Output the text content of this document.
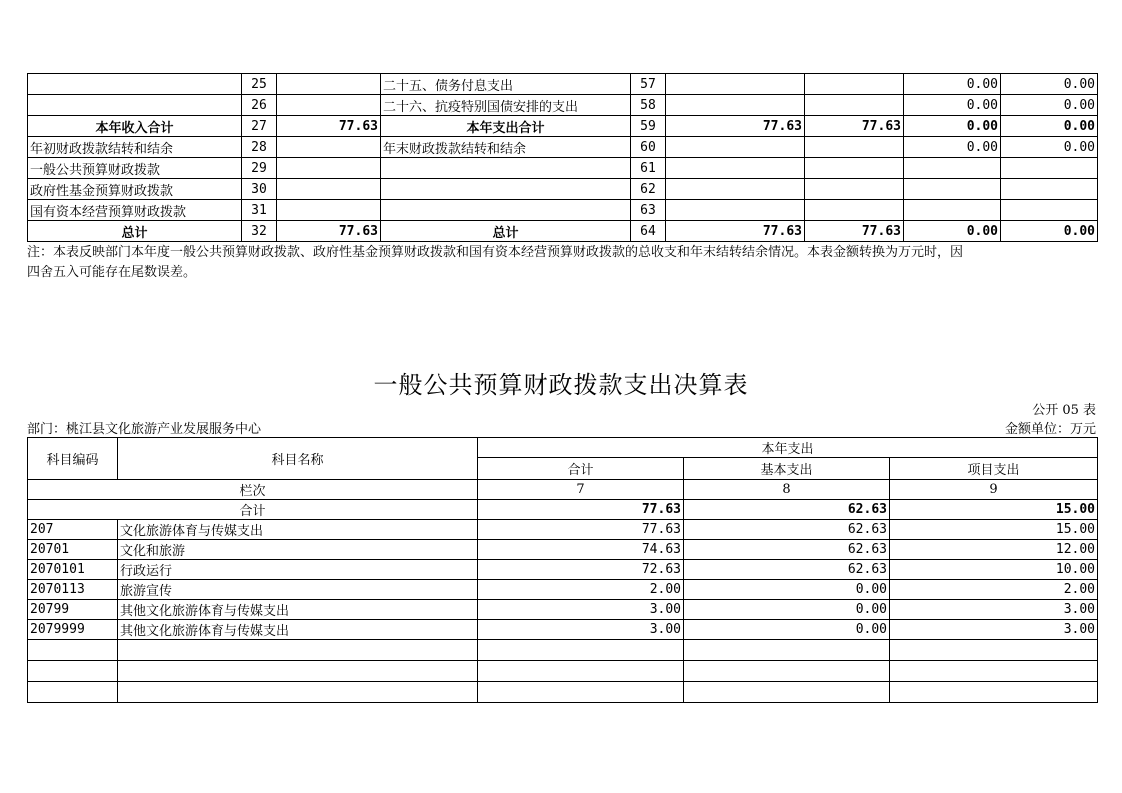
	25		二十五、债务付息支出	57			0.00	0.00
	26		二十六、抗疫特别国债安排的支出	58			0.00	0.00
本年收入合计	27	77.63	本年支出合计	59	77.63	77.63	0.00	0.00
年初财政拨款结转和结余	28		年末财政拨款结转和结余	60			0.00	0.00
一般公共预算财政拨款	29			61				
政府性基金预算财政拨款	30			62				
国有资本经营预算财政拨款	31			63				
总计	32	77.63	总计	64	77.63	77.63	0.00	0.00
注：本表反映部门本年度一般公共预算财政拨款、政府性基金预算财政拨款和国有资本经营预算财政拨款的总收支和年末结转结余情况。本表金额转换为万元时，因
四舍五入可能存在尾数误差。
一般公共预算财政拨款支出决算表
公开 05 表
部门：桃江县文化旅游产业发展服务中心	金额单位：万元
科目编码	科目名称	本年支出		
		合计	基本支出	项目支出
栏次		7	8	9
合计		77.63	62.63	15.00
207	文化旅游体育与传媒支出	77.63	62.63	15.00
20701	文化和旅游	74.63	62.63	12.00
2070101	行政运行	72.63	62.63	10.00
2070113	旅游宣传	2.00	0.00	2.00
20799	其他文化旅游体育与传媒支出	3.00	0.00	3.00
2079999	其他文化旅游体育与传媒支出	3.00	0.00	3.00
